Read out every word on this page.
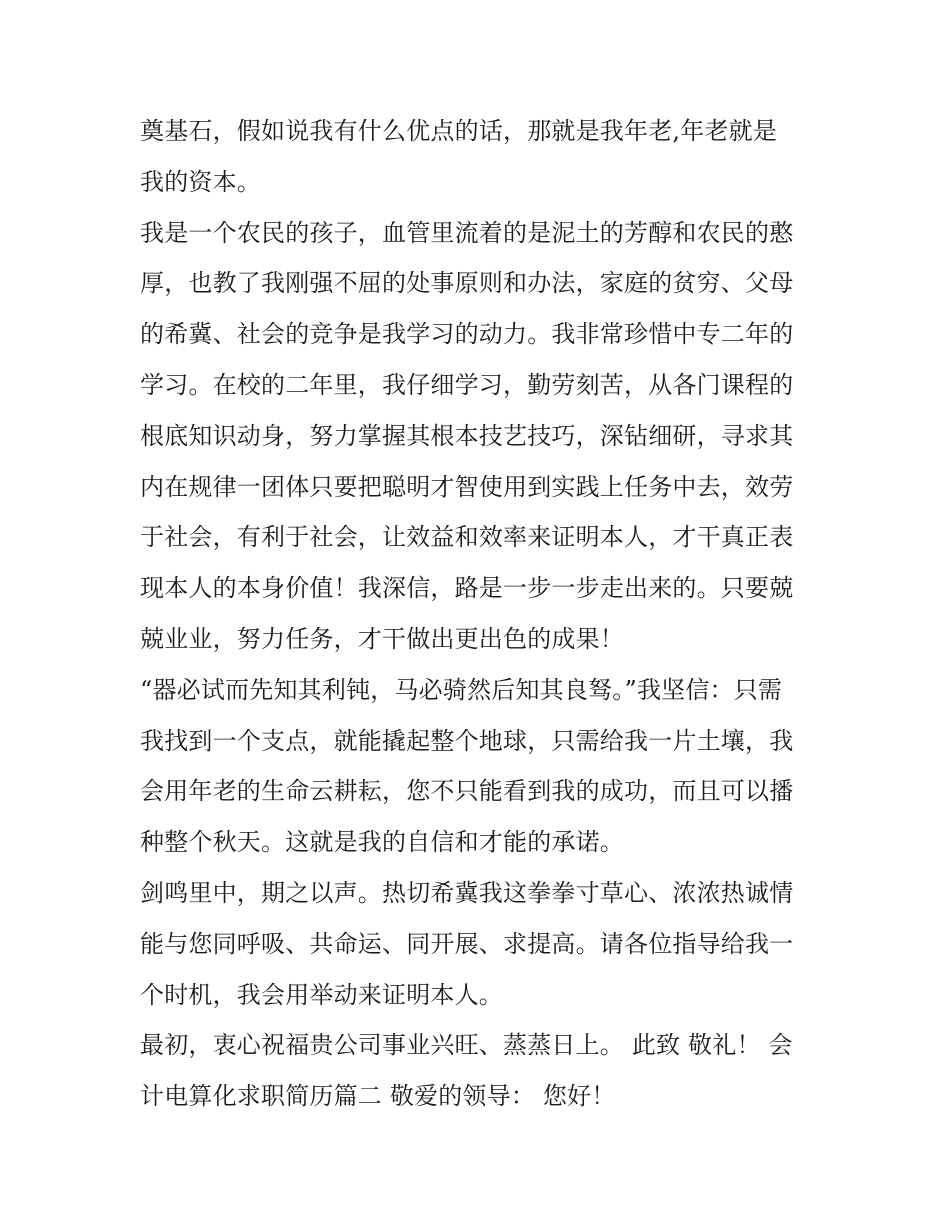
奠基石，假如说我有什么优点的话，那就是我年老,年老就是
我的资本。
我是一个农民的孩子，血管里流着的是泥土的芳醇和农民的憨
厚，也教了我刚强不屈的处事原则和办法，家庭的贫穷、父母
的希冀、社会的竞争是我学习的动力。我非常珍惜中专二年的
学习。在校的二年里，我仔细学习，勤劳刻苦，从各门课程的
根底知识动身，努力掌握其根本技艺技巧，深钻细研，寻求其
内在规律一团体只要把聪明才智使用到实践上任务中去，效劳
于社会，有利于社会，让效益和效率来证明本人，才干真正表
现本人的本身价值！我深信，路是一步一步走出来的。只要兢
兢业业，努力任务，才干做出更出色的成果！
“器必试而先知其利钝，马必骑然后知其良驽。”我坚信：只需
我找到一个支点，就能撬起整个地球，只需给我一片土壤，我
会用年老的生命云耕耘，您不只能看到我的成功，而且可以播
种整个秋天。这就是我的自信和才能的承诺。
剑鸣里中，期之以声。热切希冀我这拳拳寸草心、浓浓热诚情
能与您同呼吸、共命运、同开展、求提高。请各位指导给我一
个时机，我会用举动来证明本人。
最初，衷心祝福贵公司事业兴旺、蒸蒸日上。 此致 敬礼！ 会
计电算化求职简历篇二 敬爱的领导： 您好！
